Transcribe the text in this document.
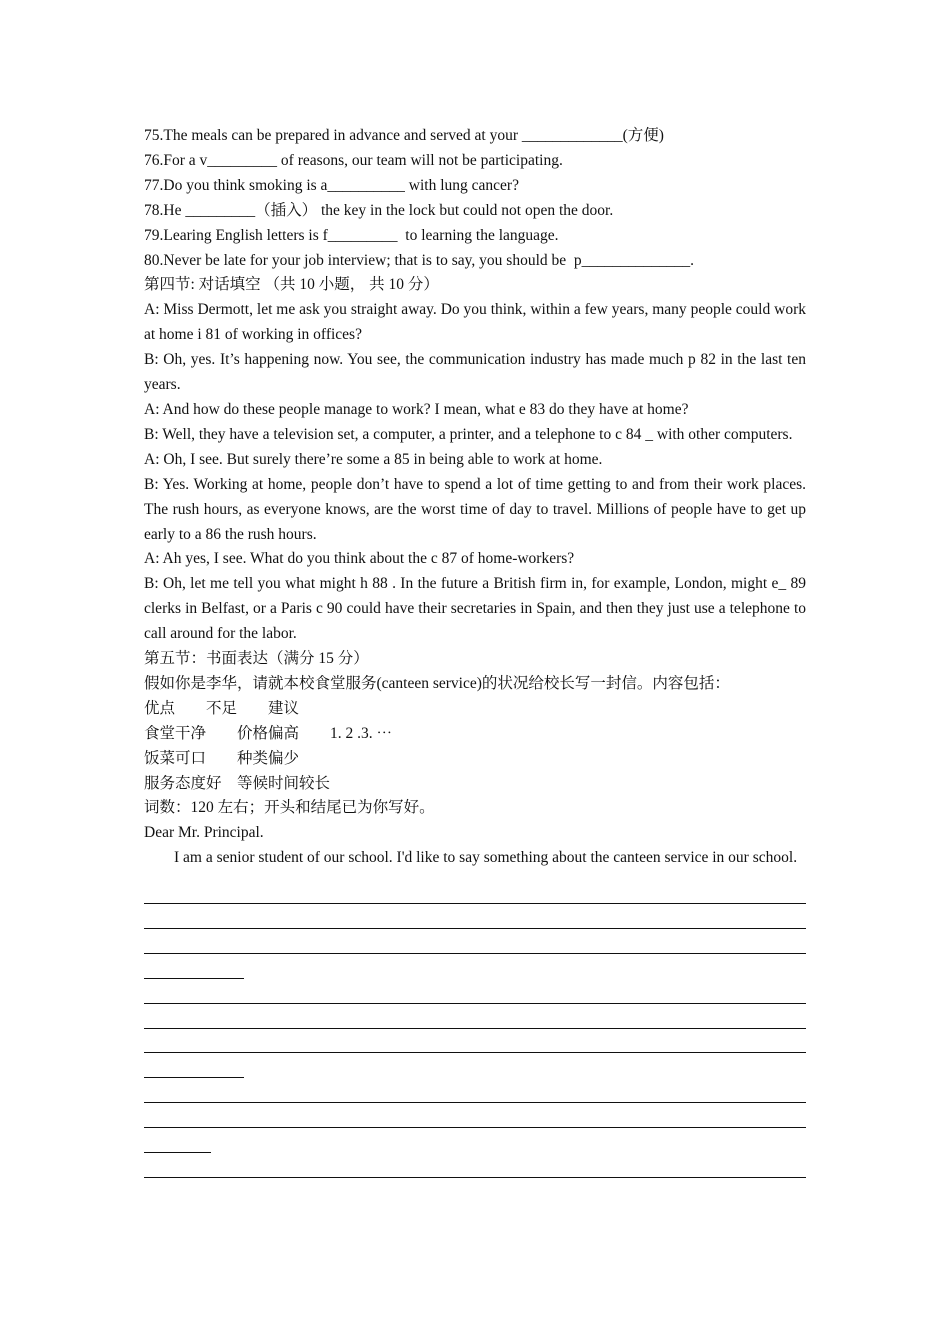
75.The meals can be prepared in advance and served at your _____________(方便)

76.For a v_________ of reasons, our team will not be participating.

77.Do you think smoking is a__________ with lung cancer?

78.He _________（插入） the key in the lock but could not open the door.

79.Learing English letters is f_________  to learning the language.

80.Never be late for your job interview; that is to say, you should be  p______________.

第四节: 对话填空 （共 10 小题， 共 10 分）

A: Miss Dermott, let me ask you straight away. Do you think, within a few years, many people could work at home i 81 of working in offices?

B: Oh, yes. It’s happening now. You see, the communication industry has made much p 82 in the last ten years.

A: And how do these people manage to work? I mean, what e 83 do they have at home?

B: Well, they have a television set, a computer, a printer, and a telephone to c 84 _ with other computers.

A: Oh, I see. But surely there’re some a 85 in being able to work at home.

B: Yes. Working at home, people don’t have to spend a lot of time getting to and from their work places. The rush hours, as everyone knows, are the worst time of day to travel. Millions of people have to get up early to a 86 the rush hours.

A: Ah yes, I see. What do you think about the c 87 of home-workers?

B: Oh, let me tell you what might h 88 . In the future a British firm in, for example, London, might e_ 89 clerks in Belfast, or a Paris c 90 could have their secretaries in Spain, and then they just use a telephone to call around for the labor.

第五节：书面表达（满分 15 分）

假如你是李华，请就本校食堂服务(canteen service)的状况给校长写一封信。内容包括：

优点        不足        建议

食堂干净        价格偏高        1. 2 .3. ⋯

饭菜可口        种类偏少

服务态度好    等候时间较长

词数：120 左右；开头和结尾已为你写好。

Dear Mr. Principal.

I am a senior student of our school. I'd like to say something about the canteen service in our school.
